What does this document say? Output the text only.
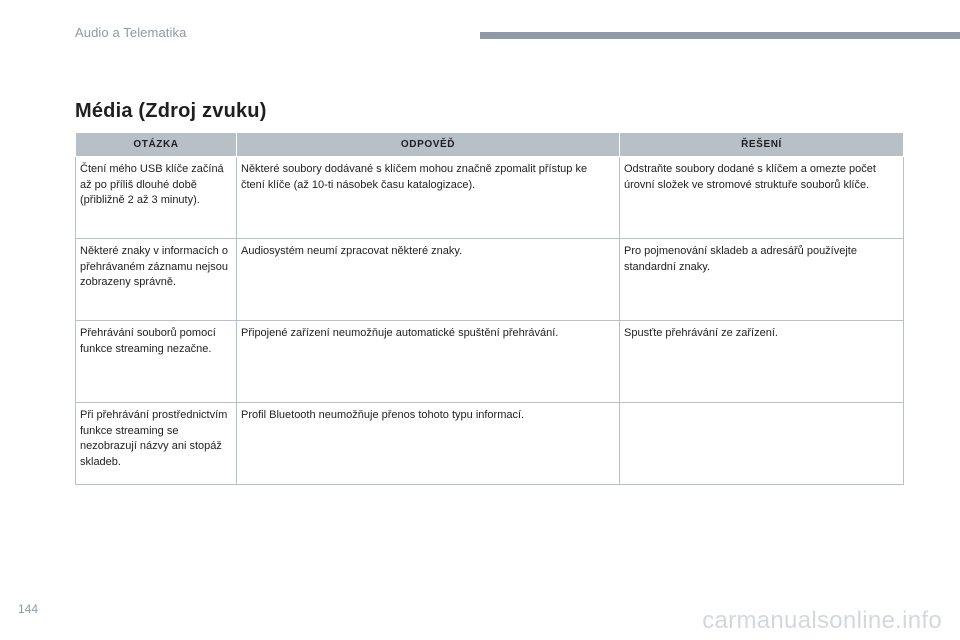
Audio a Telematika
Média (Zdroj zvuku)
OTÁZKA	ODPOVĚĎ	ŘEŠENÍ
Čtení mého USB klíče začíná až po příliš dlouhé době (přibližně 2 až 3 minuty).	Některé soubory dodávané s klíčem mohou značně zpomalit přístup ke čtení klíče (až 10-ti násobek času katalogizace).	Odstraňte soubory dodané s klíčem a omezte počet úrovní složek ve stromové struktuře souborů klíče.
Některé znaky v informacích o přehrávaném záznamu nejsou zobrazeny správně.	Audiosystém neumí zpracovat některé znaky.	Pro pojmenování skladeb a adresářů používejte standardní znaky.
Přehrávání souborů pomocí funkce streaming nezačne.	Připojené zařízení neumožňuje automatické spuštění přehrávání.	Spusťte přehrávání ze zařízení.
Při přehrávání prostřednictvím funkce streaming se nezobrazují názvy ani stopáž skladeb.	Profil Bluetooth neumožňuje přenos tohoto typu informací.	
144	carmanualsonline.info
